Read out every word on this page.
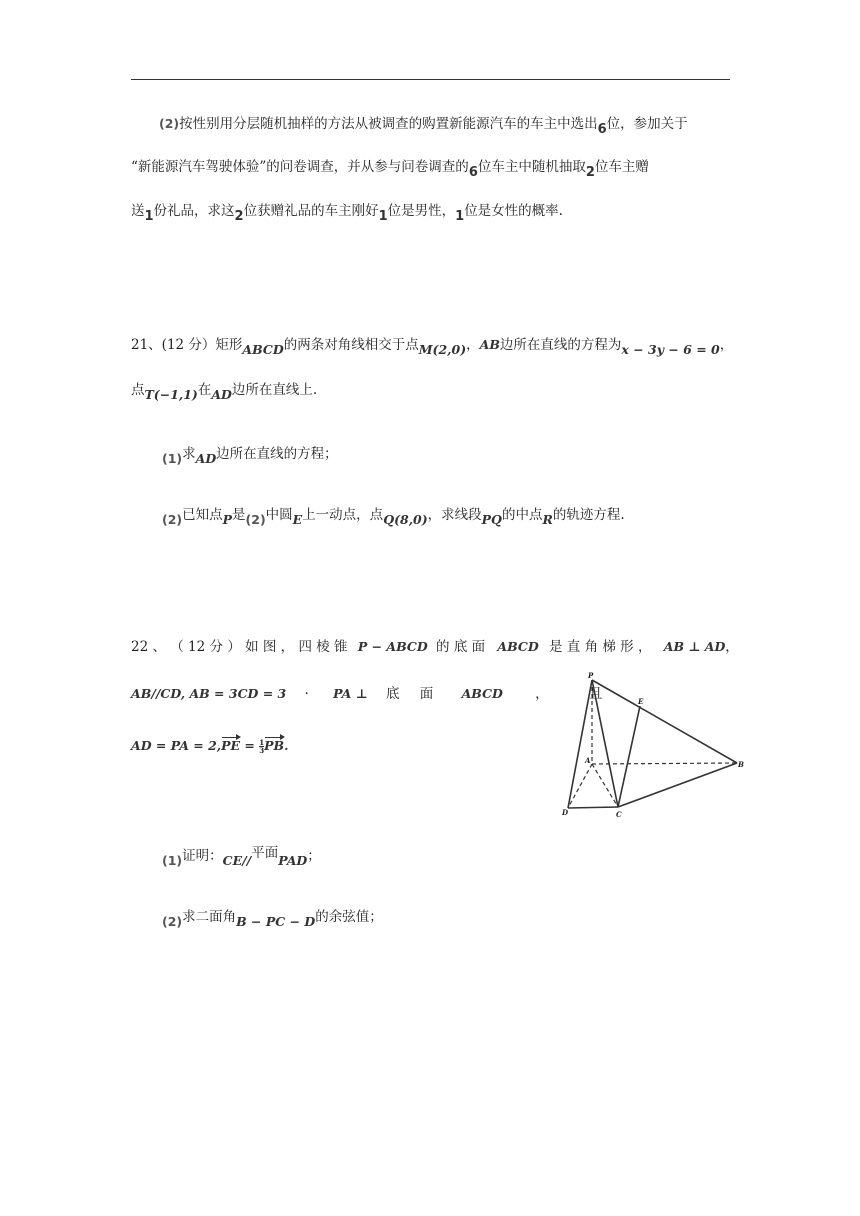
(2)按性别用分层随机抽样的方法从被调查的购置新能源汽车的车主中选出6位，参加关于
“新能源汽车驾驶体验”的问卷调查，并从参与问卷调查的6位车主中随机抽取2位车主赠
送1份礼品，求这2位获赠礼品的车主刚好1位是男性，1位是女性的概率.
21、(12 分）矩形ABCD的两条对角线相交于点M(2,0)，AB边所在直线的方程为x − 3y − 6 = 0，
点T(−1,1)在AD边所在直线上.
(1)求AD边所在直线的方程；
(2)已知点P是(2)中圆E上一动点，点Q(8,0)，求线段PQ的中点R的轨迹方程.
22 、 （ 12 分 ） 如 图 ， 四 棱 锥 P − ABCD 的 底 面 ABCD 是 直 角 梯 形 ， AB ⊥ AD，
AB//CD, AB = 3CD = 3 · PA ⊥ 底 面 ABCD ，	且
AD = PA = $2,PE = \frac{1}{3}$ PB.
P
E
A	B
C
D
(1)证明：CE//平面PAD；
(2)求二面角B − PC − D的余弦值；
